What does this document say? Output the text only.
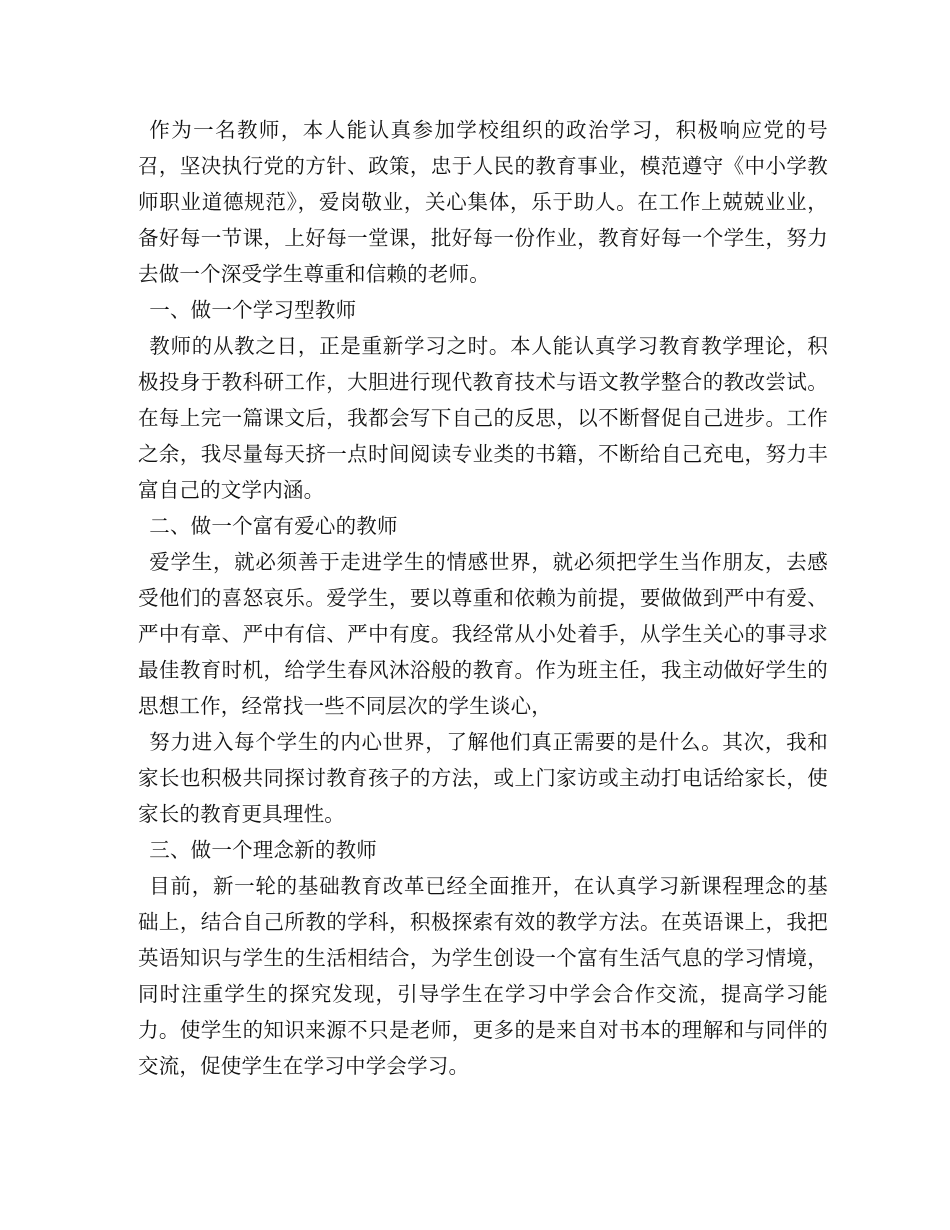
作为一名教师，本人能认真参加学校组织的政治学习，积极响应党的号召，坚决执行党的方针、政策，忠于人民的教育事业，模范遵守《中小学教师职业道德规范》，爱岗敬业，关心集体，乐于助人。在工作上兢兢业业，备好每一节课，上好每一堂课，批好每一份作业，教育好每一个学生，努力去做一个深受学生尊重和信赖的老师。

一、做一个学习型教师

教师的从教之日，正是重新学习之时。本人能认真学习教育教学理论，积极投身于教科研工作，大胆进行现代教育技术与语文教学整合的教改尝试。在每上完一篇课文后，我都会写下自己的反思，以不断督促自己进步。工作之余，我尽量每天挤一点时间阅读专业类的书籍，不断给自己充电，努力丰富自己的文学内涵。

二、做一个富有爱心的教师

爱学生，就必须善于走进学生的情感世界，就必须把学生当作朋友，去感受他们的喜怒哀乐。爱学生，要以尊重和依赖为前提，要做做到严中有爱、严中有章、严中有信、严中有度。我经常从小处着手，从学生关心的事寻求最佳教育时机，给学生春风沐浴般的教育。作为班主任，我主动做好学生的思想工作，经常找一些不同层次的学生谈心，

努力进入每个学生的内心世界，了解他们真正需要的是什么。其次，我和家长也积极共同探讨教育孩子的方法，或上门家访或主动打电话给家长，使家长的教育更具理性。

三、做一个理念新的教师

目前，新一轮的基础教育改革已经全面推开，在认真学习新课程理念的基础上，结合自己所教的学科，积极探索有效的教学方法。在英语课上，我把英语知识与学生的生活相结合，为学生创设一个富有生活气息的学习情境，同时注重学生的探究发现，引导学生在学习中学会合作交流，提高学习能力。使学生的知识来源不只是老师，更多的是来自对书本的理解和与同伴的交流，促使学生在学习中学会学习。
